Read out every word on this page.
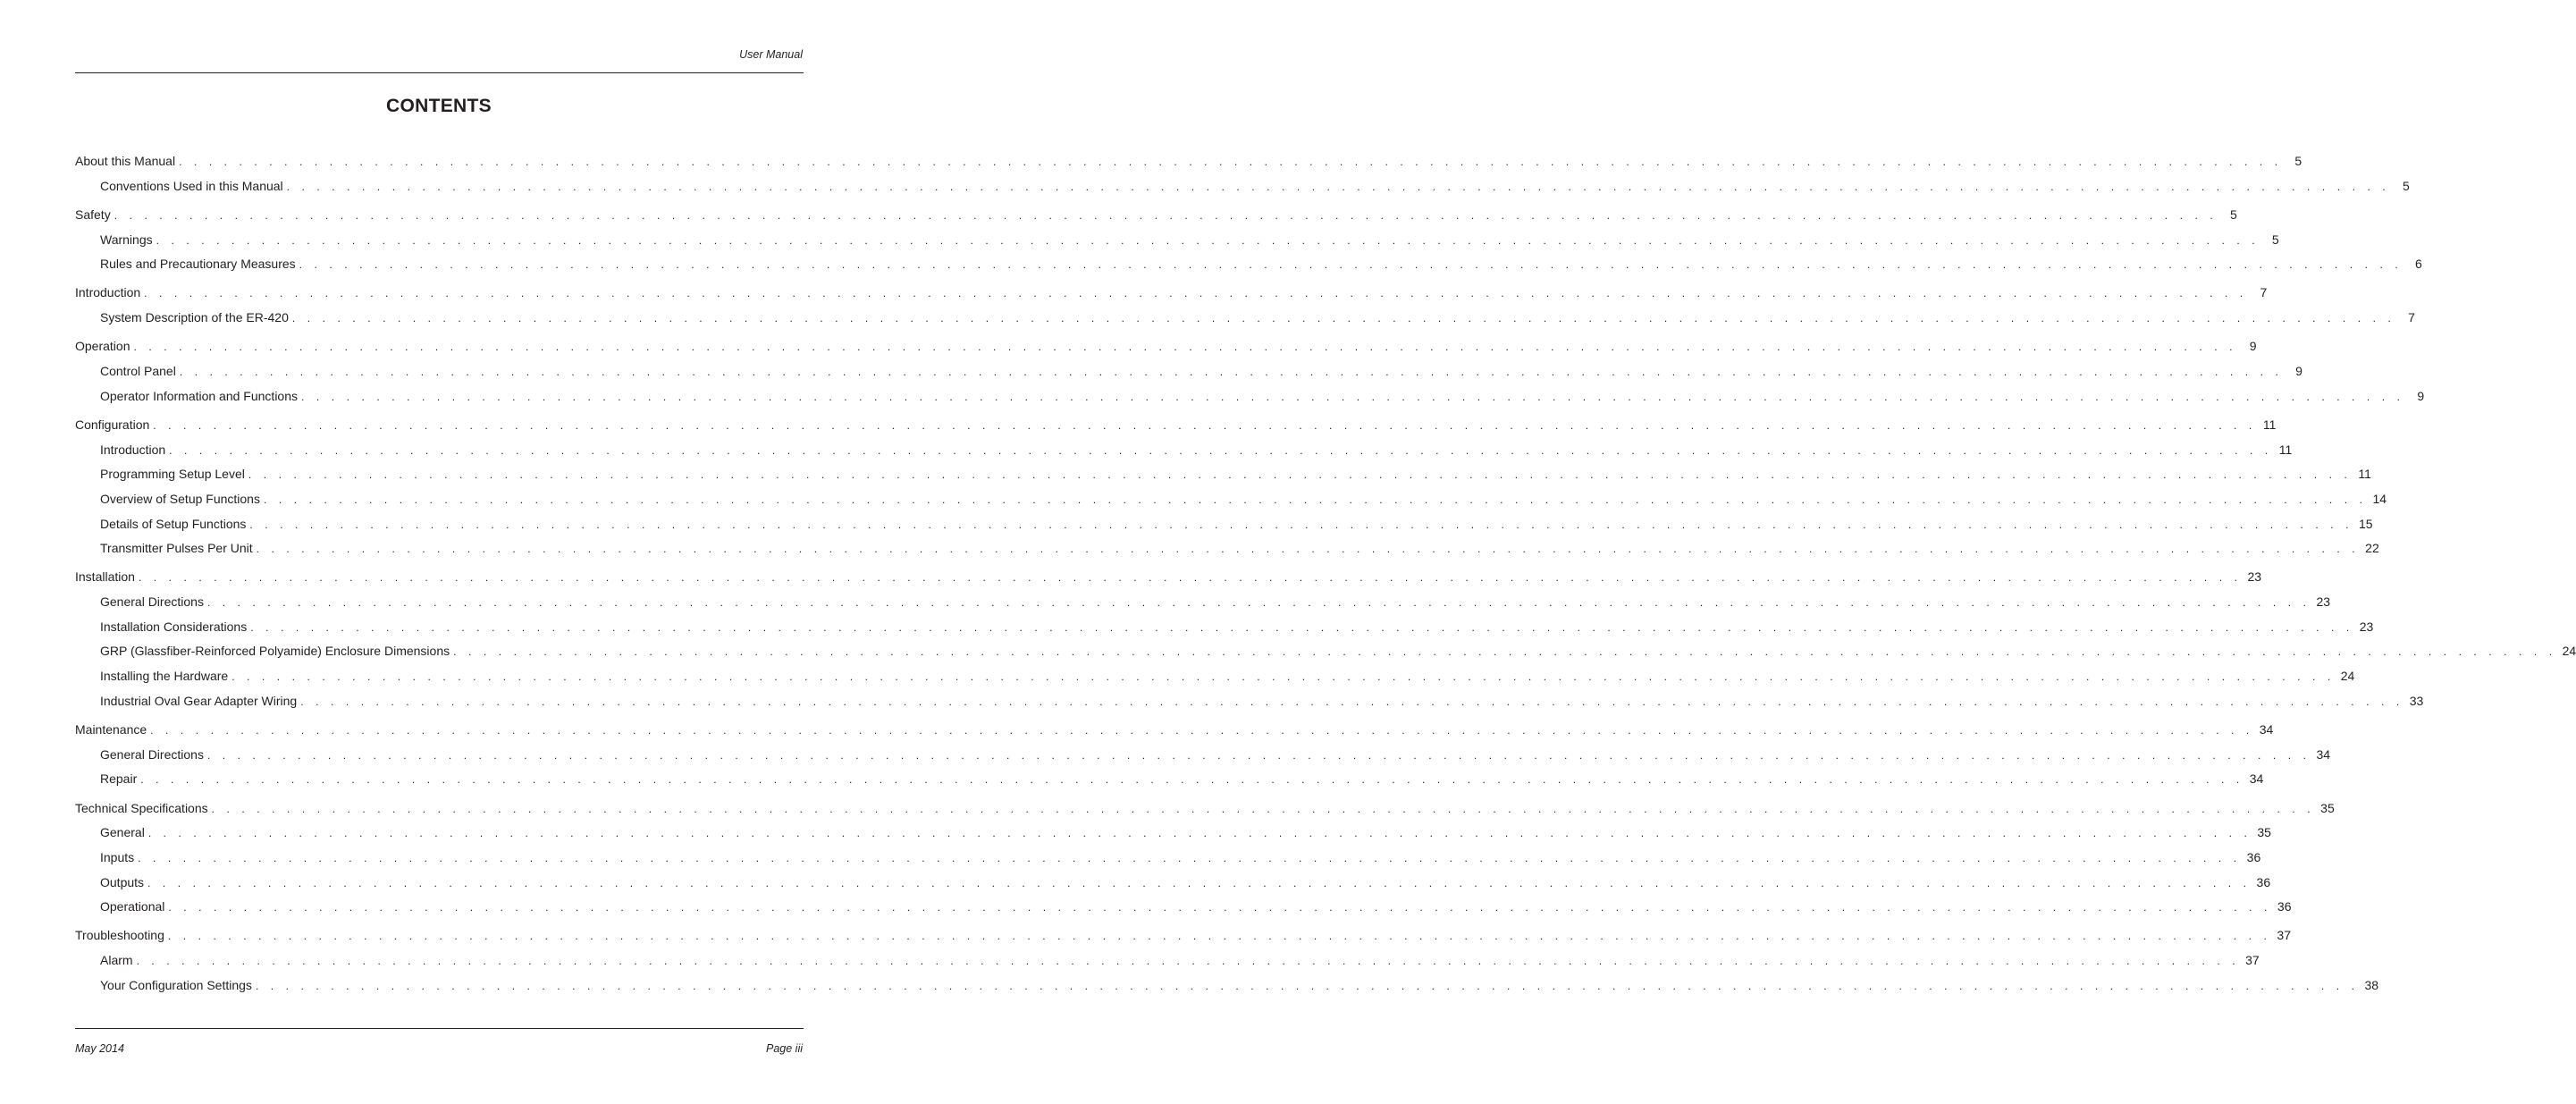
User Manual
CONTENTS
About this Manual . . . . . . . . . . . . . . . . . . . . . . . . . . . . . . . . . . . . . . . . . . . . . . . . . . . . . . . . . . . . . . . . . . . . . . . . . . . . . . . . . . . . . . . . . . . . . . . . . . . . . . . . . . . . . . . . . . . . . . . . . . . . . . . . . . . . . . . . . . . .	5
Conventions Used in this Manual . . . . . . . . . . . . . . . . . . . . . . . . . . . . . . . . . . . . . . . . . . . . . . . . . . . . . . . . . . . . . . . . . . . . . . . . . . . . . . . . . . . . . . . . . . . . . . . . . . . . . . . . . . . . . . . . . . . . . . . . . . . . . . . . . . . . . . . . . . . .	5
Safety . . . . . . . . . . . . . . . . . . . . . . . . . . . . . . . . . . . . . . . . . . . . . . . . . . . . . . . . . . . . . . . . . . . . . . . . . . . . . . . . . . . . . . . . . . . . . . . . . . . . . . . . . . . . . . . . . . . . . . . . . . . . . . . . . . . . . . . . . . . .	5
Warnings . . . . . . . . . . . . . . . . . . . . . . . . . . . . . . . . . . . . . . . . . . . . . . . . . . . . . . . . . . . . . . . . . . . . . . . . . . . . . . . . . . . . . . . . . . . . . . . . . . . . . . . . . . . . . . . . . . . . . . . . . . . . . . . . . . . . . . . . . . . .	5
Rules and Precautionary Measures . . . . . . . . . . . . . . . . . . . . . . . . . . . . . . . . . . . . . . . . . . . . . . . . . . . . . . . . . . . . . . . . . . . . . . . . . . . . . . . . . . . . . . . . . . . . . . . . . . . . . . . . . . . . . . . . . . . . . . . . . . . . . . . . . . . . . . . . . . . .	6
Introduction . . . . . . . . . . . . . . . . . . . . . . . . . . . . . . . . . . . . . . . . . . . . . . . . . . . . . . . . . . . . . . . . . . . . . . . . . . . . . . . . . . . . . . . . . . . . . . . . . . . . . . . . . . . . . . . . . . . . . . . . . . . . . . . . . . . . . . . . . . . .	7
System Description of the ER-420 . . . . . . . . . . . . . . . . . . . . . . . . . . . . . . . . . . . . . . . . . . . . . . . . . . . . . . . . . . . . . . . . . . . . . . . . . . . . . . . . . . . . . . . . . . . . . . . . . . . . . . . . . . . . . . . . . . . . . . . . . . . . . . . . . . . . . . . . . . . .	7
Operation . . . . . . . . . . . . . . . . . . . . . . . . . . . . . . . . . . . . . . . . . . . . . . . . . . . . . . . . . . . . . . . . . . . . . . . . . . . . . . . . . . . . . . . . . . . . . . . . . . . . . . . . . . . . . . . . . . . . . . . . . . . . . . . . . . . . . . . . . . . .	9
Control Panel . . . . . . . . . . . . . . . . . . . . . . . . . . . . . . . . . . . . . . . . . . . . . . . . . . . . . . . . . . . . . . . . . . . . . . . . . . . . . . . . . . . . . . . . . . . . . . . . . . . . . . . . . . . . . . . . . . . . . . . . . . . . . . . . . . . . . . . . . . . .	9
Operator Information and Functions . . . . . . . . . . . . . . . . . . . . . . . . . . . . . . . . . . . . . . . . . . . . . . . . . . . . . . . . . . . . . . . . . . . . . . . . . . . . . . . . . . . . . . . . . . . . . . . . . . . . . . . . . . . . . . . . . . . . . . . . . . . . . . . . . . . . . . . . . . . .	9
Configuration . . . . . . . . . . . . . . . . . . . . . . . . . . . . . . . . . . . . . . . . . . . . . . . . . . . . . . . . . . . . . . . . . . . . . . . . . . . . . . . . . . . . . . . . . . . . . . . . . . . . . . . . . . . . . . . . . . . . . . . . . . . . . . . . . . . . . . . . . . . . 11
Introduction . . . . . . . . . . . . . . . . . . . . . . . . . . . . . . . . . . . . . . . . . . . . . . . . . . . . . . . . . . . . . . . . . . . . . . . . . . . . . . . . . . . . . . . . . . . . . . . . . . . . . . . . . . . . . . . . . . . . . . . . . . . . . . . . . . . . . . . . . . . . 11
Programming Setup Level . . . . . . . . . . . . . . . . . . . . . . . . . . . . . . . . . . . . . . . . . . . . . . . . . . . . . . . . . . . . . . . . . . . . . . . . . . . . . . . . . . . . . . . . . . . . . . . . . . . . . . . . . . . . . . . . . . . . . . . . . . . . . . . . . . . . . . . . . . . . 11
Overview of Setup Functions . . . . . . . . . . . . . . . . . . . . . . . . . . . . . . . . . . . . . . . . . . . . . . . . . . . . . . . . . . . . . . . . . . . . . . . . . . . . . . . . . . . . . . . . . . . . . . . . . . . . . . . . . . . . . . . . . . . . . . . . . . . . . . . . . . . . . . . . . . . . 14
Details of Setup Functions . . . . . . . . . . . . . . . . . . . . . . . . . . . . . . . . . . . . . . . . . . . . . . . . . . . . . . . . . . . . . . . . . . . . . . . . . . . . . . . . . . . . . . . . . . . . . . . . . . . . . . . . . . . . . . . . . . . . . . . . . . . . . . . . . . . . . . . . . . . . 15
Transmitter Pulses Per Unit . . . . . . . . . . . . . . . . . . . . . . . . . . . . . . . . . . . . . . . . . . . . . . . . . . . . . . . . . . . . . . . . . . . . . . . . . . . . . . . . . . . . . . . . . . . . . . . . . . . . . . . . . . . . . . . . . . . . . . . . . . . . . . . . . . . . . . . . . . . . 22
Installation . . . . . . . . . . . . . . . . . . . . . . . . . . . . . . . . . . . . . . . . . . . . . . . . . . . . . . . . . . . . . . . . . . . . . . . . . . . . . . . . . . . . . . . . . . . . . . . . . . . . . . . . . . . . . . . . . . . . . . . . . . . . . . . . . . . . . . . . . . . . 23
General Directions . . . . . . . . . . . . . . . . . . . . . . . . . . . . . . . . . . . . . . . . . . . . . . . . . . . . . . . . . . . . . . . . . . . . . . . . . . . . . . . . . . . . . . . . . . . . . . . . . . . . . . . . . . . . . . . . . . . . . . . . . . . . . . . . . . . . . . . . . . . . 23
Installation Considerations . . . . . . . . . . . . . . . . . . . . . . . . . . . . . . . . . . . . . . . . . . . . . . . . . . . . . . . . . . . . . . . . . . . . . . . . . . . . . . . . . . . . . . . . . . . . . . . . . . . . . . . . . . . . . . . . . . . . . . . . . . . . . . . . . . . . . . . . . . . . 23
GRP (Glassfiber-Reinforced Polyamide) Enclosure Dimensions . . . . . . . . . . . . . . . . . . . . . . . . . . . . . . . . . . . . . . . . . . . . . . . . . . . . . . . . . . . . . . . . . . . . . . . . . . . . . . . . . . . . . . . . . . . . . . . . . . . . . . . . . . . . . . . . . . . . . . . . . . . . . . . . . . . . . . . . . . . . 24
Installing the Hardware . . . . . . . . . . . . . . . . . . . . . . . . . . . . . . . . . . . . . . . . . . . . . . . . . . . . . . . . . . . . . . . . . . . . . . . . . . . . . . . . . . . . . . . . . . . . . . . . . . . . . . . . . . . . . . . . . . . . . . . . . . . . . . . . . . . . . . . . . . . . 24
Industrial Oval Gear Adapter Wiring . . . . . . . . . . . . . . . . . . . . . . . . . . . . . . . . . . . . . . . . . . . . . . . . . . . . . . . . . . . . . . . . . . . . . . . . . . . . . . . . . . . . . . . . . . . . . . . . . . . . . . . . . . . . . . . . . . . . . . . . . . . . . . . . . . . . . . . . . . . . 33
Maintenance . . . . . . . . . . . . . . . . . . . . . . . . . . . . . . . . . . . . . . . . . . . . . . . . . . . . . . . . . . . . . . . . . . . . . . . . . . . . . . . . . . . . . . . . . . . . . . . . . . . . . . . . . . . . . . . . . . . . . . . . . . . . . . . . . . . . . . . . . . . . 34
General Directions . . . . . . . . . . . . . . . . . . . . . . . . . . . . . . . . . . . . . . . . . . . . . . . . . . . . . . . . . . . . . . . . . . . . . . . . . . . . . . . . . . . . . . . . . . . . . . . . . . . . . . . . . . . . . . . . . . . . . . . . . . . . . . . . . . . . . . . . . . . . 34
Repair . . . . . . . . . . . . . . . . . . . . . . . . . . . . . . . . . . . . . . . . . . . . . . . . . . . . . . . . . . . . . . . . . . . . . . . . . . . . . . . . . . . . . . . . . . . . . . . . . . . . . . . . . . . . . . . . . . . . . . . . . . . . . . . . . . . . . . . . . . . . 34
Technical Specifications . . . . . . . . . . . . . . . . . . . . . . . . . . . . . . . . . . . . . . . . . . . . . . . . . . . . . . . . . . . . . . . . . . . . . . . . . . . . . . . . . . . . . . . . . . . . . . . . . . . . . . . . . . . . . . . . . . . . . . . . . . . . . . . . . . . . . . . . . . . . 35
General . . . . . . . . . . . . . . . . . . . . . . . . . . . . . . . . . . . . . . . . . . . . . . . . . . . . . . . . . . . . . . . . . . . . . . . . . . . . . . . . . . . . . . . . . . . . . . . . . . . . . . . . . . . . . . . . . . . . . . . . . . . . . . . . . . . . . . . . . . . . 35
Inputs . . . . . . . . . . . . . . . . . . . . . . . . . . . . . . . . . . . . . . . . . . . . . . . . . . . . . . . . . . . . . . . . . . . . . . . . . . . . . . . . . . . . . . . . . . . . . . . . . . . . . . . . . . . . . . . . . . . . . . . . . . . . . . . . . . . . . . . . . . . . 36
Outputs . . . . . . . . . . . . . . . . . . . . . . . . . . . . . . . . . . . . . . . . . . . . . . . . . . . . . . . . . . . . . . . . . . . . . . . . . . . . . . . . . . . . . . . . . . . . . . . . . . . . . . . . . . . . . . . . . . . . . . . . . . . . . . . . . . . . . . . . . . . . 36
Operational . . . . . . . . . . . . . . . . . . . . . . . . . . . . . . . . . . . . . . . . . . . . . . . . . . . . . . . . . . . . . . . . . . . . . . . . . . . . . . . . . . . . . . . . . . . . . . . . . . . . . . . . . . . . . . . . . . . . . . . . . . . . . . . . . . . . . . . . . . . . 36
Troubleshooting . . . . . . . . . . . . . . . . . . . . . . . . . . . . . . . . . . . . . . . . . . . . . . . . . . . . . . . . . . . . . . . . . . . . . . . . . . . . . . . . . . . . . . . . . . . . . . . . . . . . . . . . . . . . . . . . . . . . . . . . . . . . . . . . . . . . . . . . . . . . 37
Alarm . . . . . . . . . . . . . . . . . . . . . . . . . . . . . . . . . . . . . . . . . . . . . . . . . . . . . . . . . . . . . . . . . . . . . . . . . . . . . . . . . . . . . . . . . . . . . . . . . . . . . . . . . . . . . . . . . . . . . . . . . . . . . . . . . . . . . . . . . . . . 37
Your Configuration Settings . . . . . . . . . . . . . . . . . . . . . . . . . . . . . . . . . . . . . . . . . . . . . . . . . . . . . . . . . . . . . . . . . . . . . . . . . . . . . . . . . . . . . . . . . . . . . . . . . . . . . . . . . . . . . . . . . . . . . . . . . . . . . . . . . . . . . . . . . . . . 38
May 2014	Page iii
